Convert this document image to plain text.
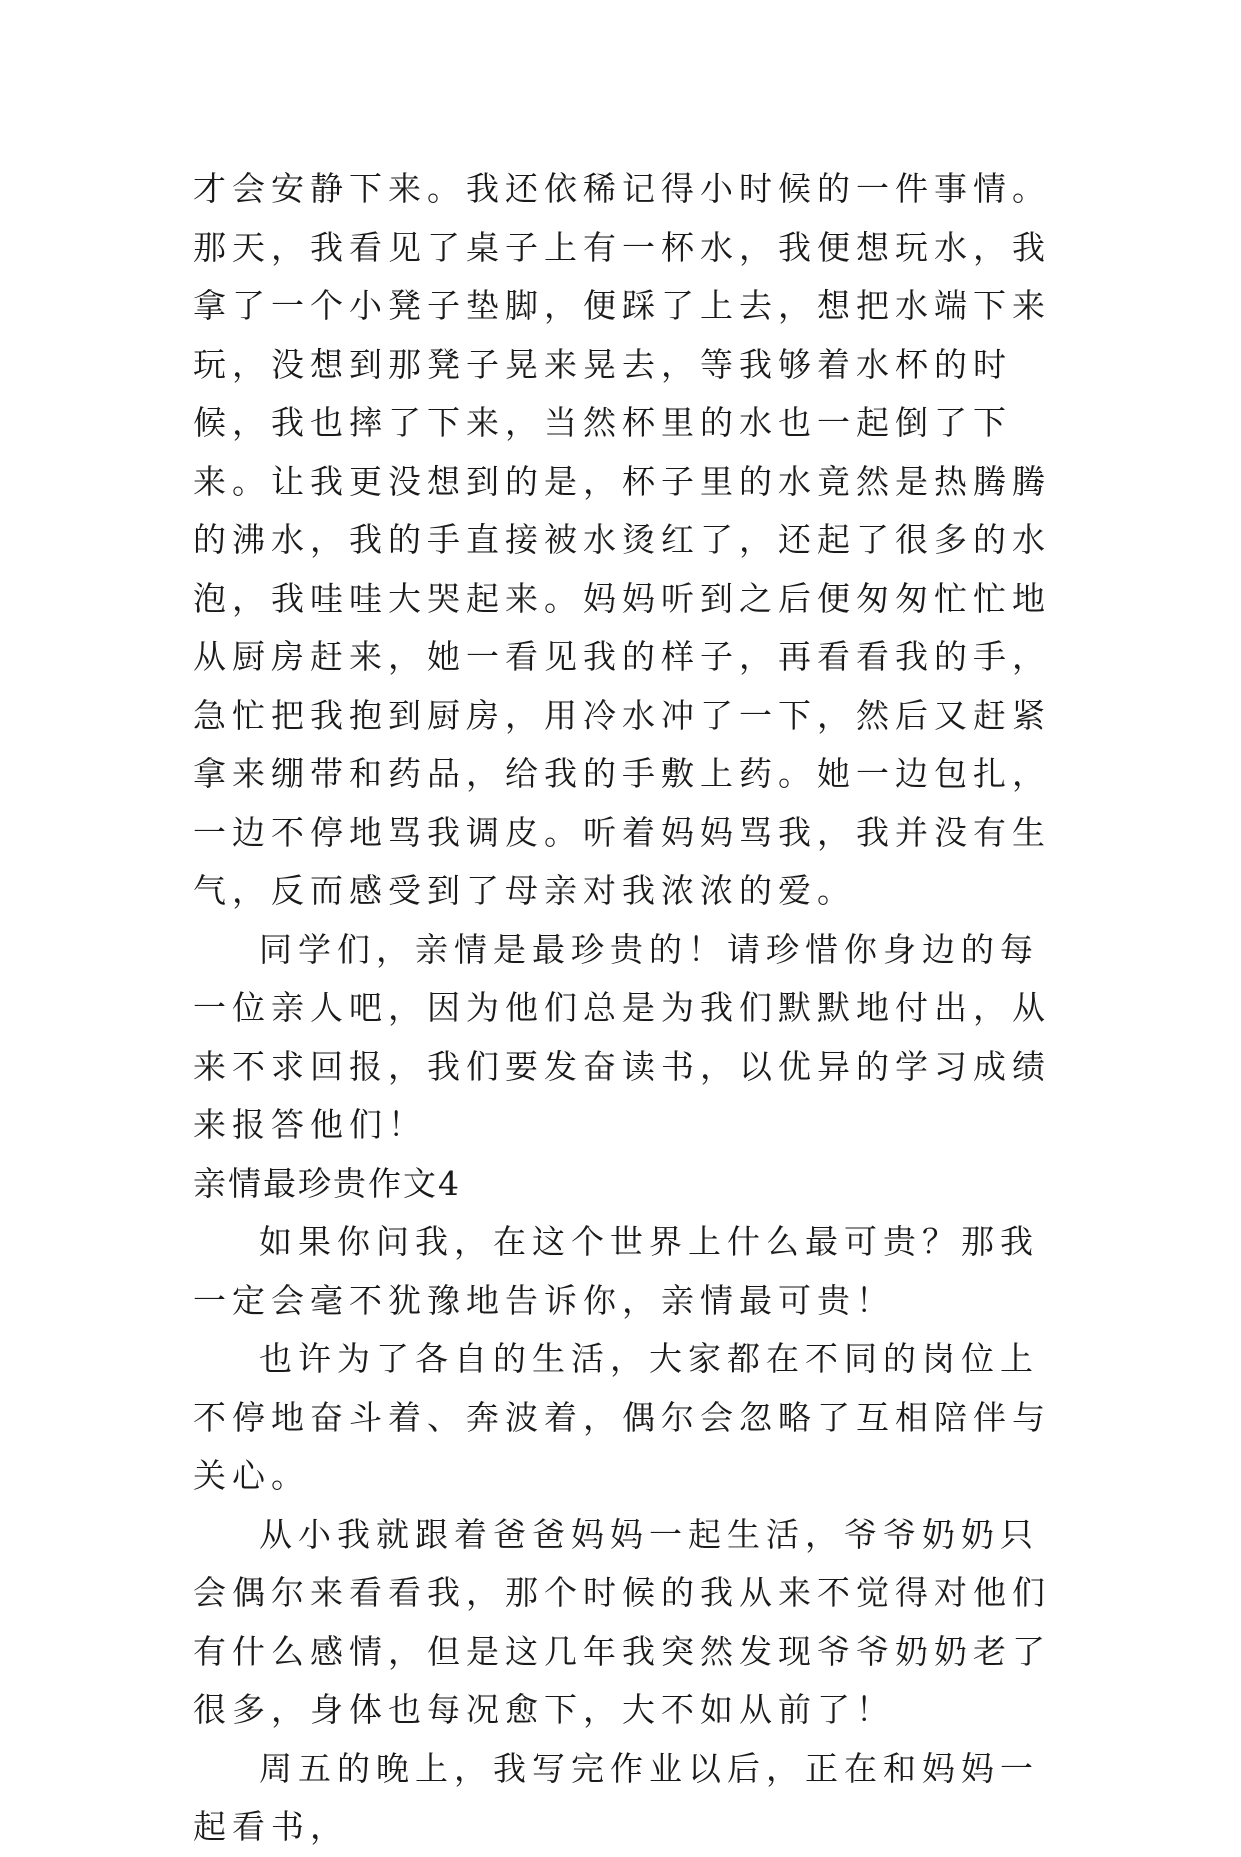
才会安静下来。我还依稀记得小时候的一件事情。那天，我看见了桌子上有一杯水，我便想玩水，我拿了一个小凳子垫脚，便踩了上去，想把水端下来玩，没想到那凳子晃来晃去，等我够着水杯的时候，我也摔了下来，当然杯里的水也一起倒了下来。让我更没想到的是，杯子里的水竟然是热腾腾的沸水，我的手直接被水烫红了，还起了很多的水泡，我哇哇大哭起来。妈妈听到之后便匆匆忙忙地从厨房赶来，她一看见我的样子，再看看我的手，急忙把我抱到厨房，用冷水冲了一下，然后又赶紧拿来绷带和药品，给我的手敷上药。她一边包扎，一边不停地骂我调皮。听着妈妈骂我，我并没有生气，反而感受到了母亲对我浓浓的爱。

同学们，亲情是最珍贵的！请珍惜你身边的每一位亲人吧，因为他们总是为我们默默地付出，从来不求回报，我们要发奋读书，以优异的学习成绩来报答他们！

亲情最珍贵作文4

如果你问我，在这个世界上什么最可贵？那我一定会毫不犹豫地告诉你，亲情最可贵！

也许为了各自的生活，大家都在不同的岗位上不停地奋斗着、奔波着，偶尔会忽略了互相陪伴与关心。

从小我就跟着爸爸妈妈一起生活，爷爷奶奶只会偶尔来看看我，那个时候的我从来不觉得对他们有什么感情，但是这几年我突然发现爷爷奶奶老了很多，身体也每况愈下，大不如从前了！

周五的晚上，我写完作业以后，正在和妈妈一起看书，
